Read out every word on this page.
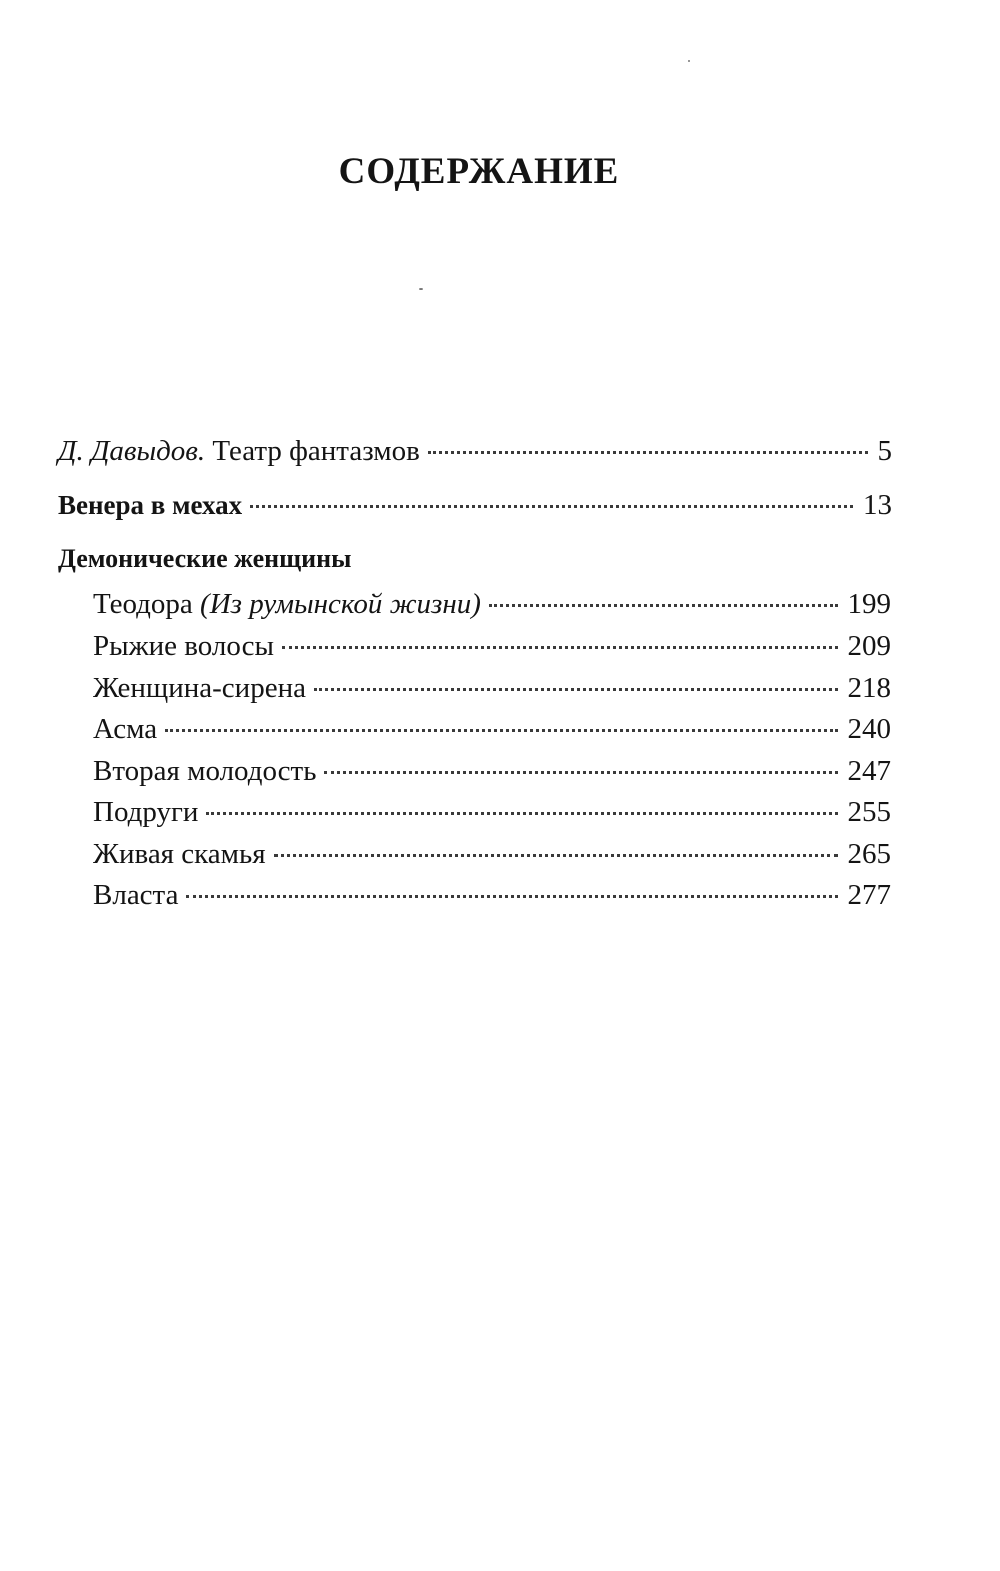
СОДЕРЖАНИЕ
Д. Давыдов. Театр фантазмов	5
Венера в мехах	13
Демонические женщины
Теодора (Из румынской жизни)	199
Рыжие волосы	209
Женщина-сирена	218
Асма	240
Вторая молодость	247
Подруги	255
Живая скамья	265
Власта	277
